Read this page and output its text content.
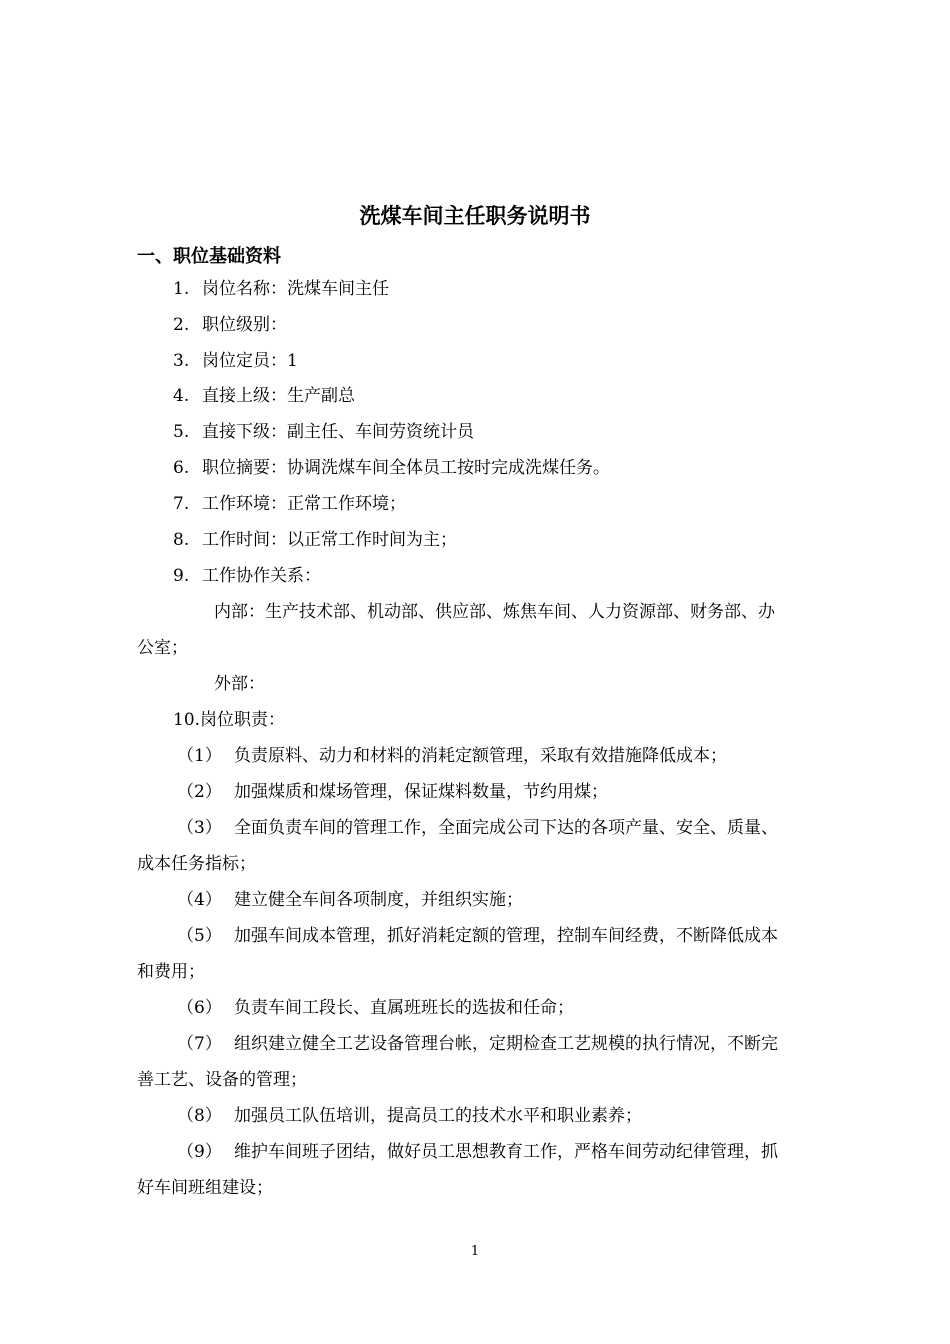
洗煤车间主任职务说明书
一、职位基础资料
1. 岗位名称：洗煤车间主任
2. 职位级别：
3. 岗位定员：1
4. 直接上级：生产副总
5. 直接下级：副主任、车间劳资统计员
6. 职位摘要：协调洗煤车间全体员工按时完成洗煤任务。
7. 工作环境：正常工作环境；
8. 工作时间：以正常工作时间为主；
9. 工作协作关系：
内部：生产技术部、机动部、供应部、炼焦车间、人力资源部、财务部、办
公室；
外部：
10.岗位职责：
（1） 负责原料、动力和材料的消耗定额管理，采取有效措施降低成本；
（2） 加强煤质和煤场管理，保证煤料数量，节约用煤；
（3） 全面负责车间的管理工作，全面完成公司下达的各项产量、安全、质量、
成本任务指标；
（4） 建立健全车间各项制度，并组织实施；
（5） 加强车间成本管理，抓好消耗定额的管理，控制车间经费，不断降低成本
和费用；
（6） 负责车间工段长、直属班班长的选拔和任命；
（7） 组织建立健全工艺设备管理台帐，定期检查工艺规模的执行情况，不断完
善工艺、设备的管理；
（8） 加强员工队伍培训，提高员工的技术水平和职业素养；
（9） 维护车间班子团结，做好员工思想教育工作，严格车间劳动纪律管理，抓
好车间班组建设；
1
